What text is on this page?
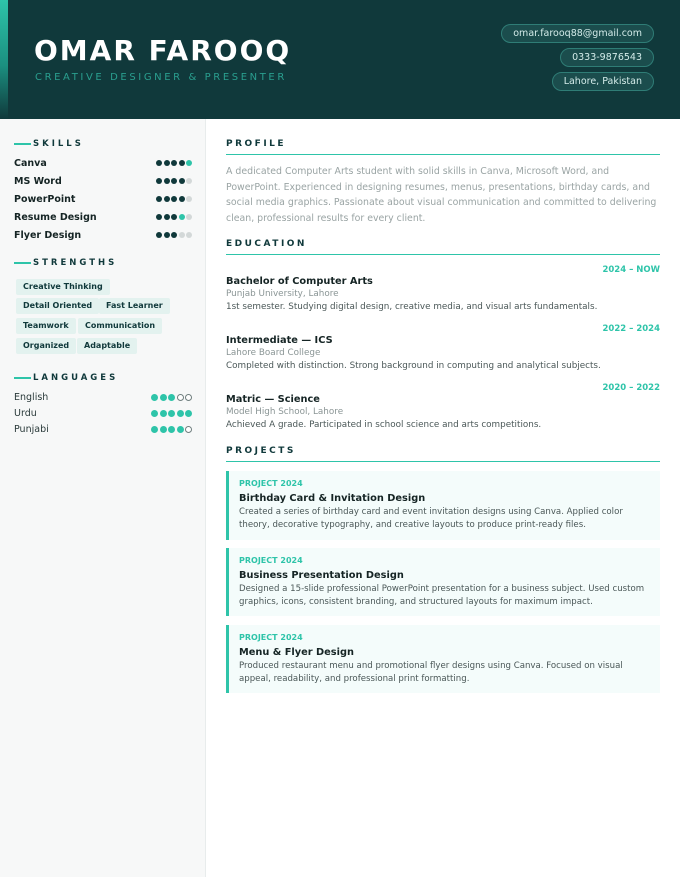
OMAR FAROOQ
CREATIVE DESIGNER & PRESENTER
omar.farooq88@gmail.com
0333-9876543
Lahore, Pakistan
SKILLS
Canva
MS Word
PowerPoint
Resume Design
Flyer Design
STRENGTHS
Creative Thinking
Detail Oriented	Fast Learner
Teamwork	Communication
Organized	Adaptable
LANGUAGES
English
Urdu
Punjabi
PROFILE
A dedicated Computer Arts student with solid skills in Canva, Microsoft Word, and PowerPoint. Experienced in designing resumes, menus, presentations, birthday cards, and social media graphics. Passionate about visual communication and committed to delivering clean, professional results for every client.
EDUCATION
2024 – NOW
Bachelor of Computer Arts
Punjab University, Lahore
1st semester. Studying digital design, creative media, and visual arts fundamentals.
2022 – 2024
Intermediate — ICS
Lahore Board College
Completed with distinction. Strong background in computing and analytical subjects.
2020 – 2022
Matric — Science
Model High School, Lahore
Achieved A grade. Participated in school science and arts competitions.
PROJECTS
PROJECT 2024
Birthday Card & Invitation Design
Created a series of birthday card and event invitation designs using Canva. Applied color theory, decorative typography, and creative layouts to produce print-ready files.
PROJECT 2024
Business Presentation Design
Designed a 15-slide professional PowerPoint presentation for a business subject. Used custom graphics, icons, consistent branding, and structured layouts for maximum impact.
PROJECT 2024
Menu & Flyer Design
Produced restaurant menu and promotional flyer designs using Canva. Focused on visual appeal, readability, and professional print formatting.
